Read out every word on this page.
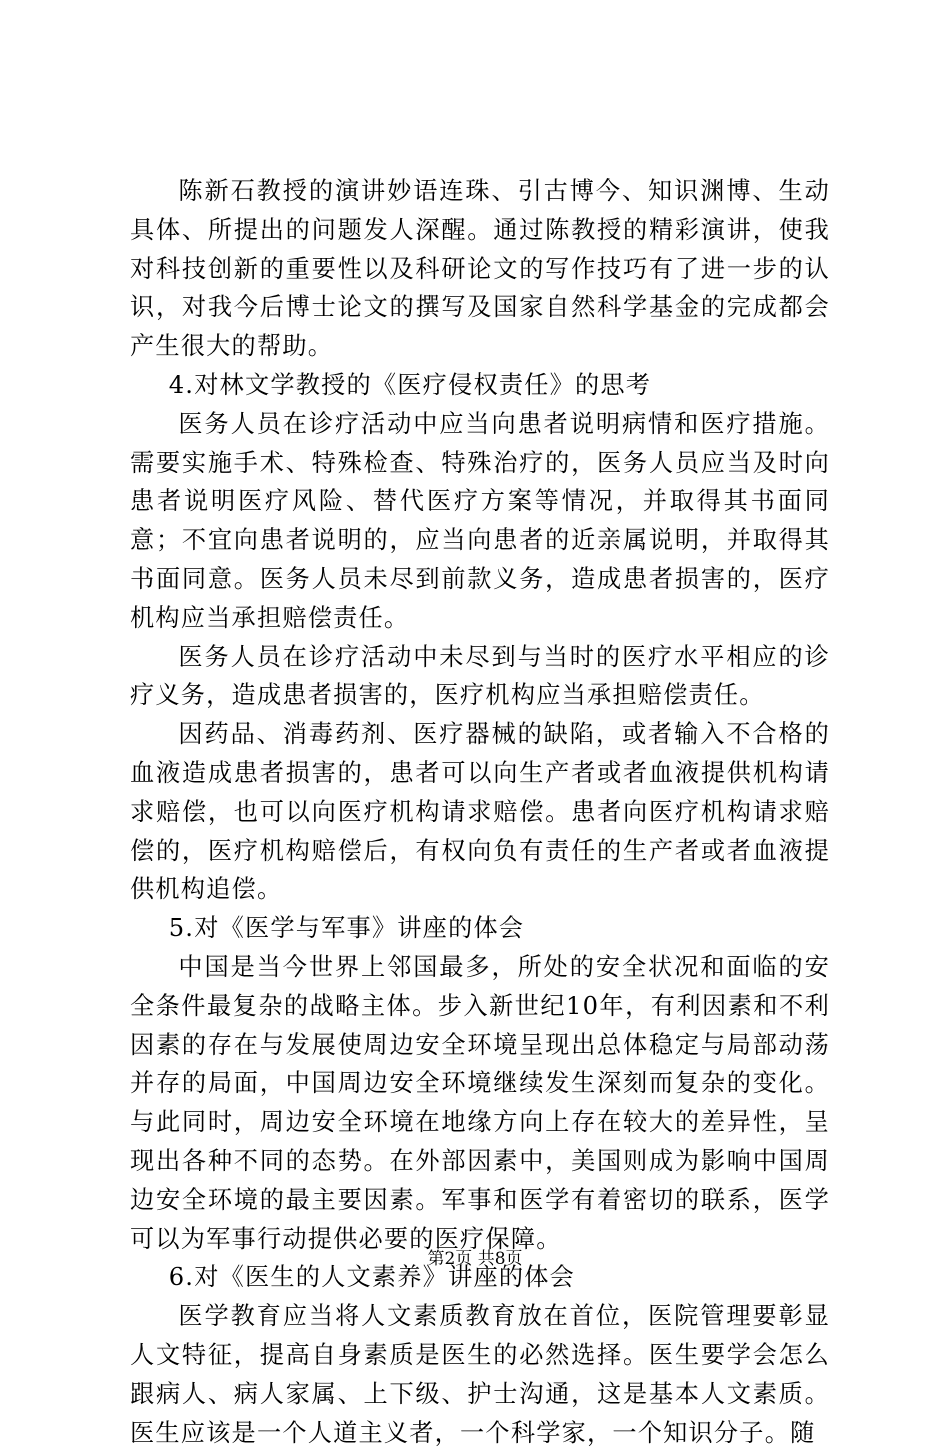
陈新石教授的演讲妙语连珠、引古博今、知识渊博、生动具体、所提出的问题发人深醒。通过陈教授的精彩演讲，使我对科技创新的重要性以及科研论文的写作技巧有了进一步的认识，对我今后博士论文的撰写及国家自然科学基金的完成都会产生很大的帮助。

4.对林文学教授的《医疗侵权责任》的思考

医务人员在诊疗活动中应当向患者说明病情和医疗措施。需要实施手术、特殊检查、特殊治疗的，医务人员应当及时向患者说明医疗风险、替代医疗方案等情况，并取得其书面同意；不宜向患者说明的，应当向患者的近亲属说明，并取得其书面同意。医务人员未尽到前款义务，造成患者损害的，医疗机构应当承担赔偿责任。

医务人员在诊疗活动中未尽到与当时的医疗水平相应的诊疗义务，造成患者损害的，医疗机构应当承担赔偿责任。

因药品、消毒药剂、医疗器械的缺陷，或者输入不合格的血液造成患者损害的，患者可以向生产者或者血液提供机构请求赔偿，也可以向医疗机构请求赔偿。患者向医疗机构请求赔偿的，医疗机构赔偿后，有权向负有责任的生产者或者血液提供机构追偿。

5.对《医学与军事》讲座的体会

中国是当今世界上邻国最多，所处的安全状况和面临的安全条件最复杂的战略主体。步入新世纪10年，有利因素和不利因素的存在与发展使周边安全环境呈现出总体稳定与局部动荡并存的局面，中国周边安全环境继续发生深刻而复杂的变化。与此同时，周边安全环境在地缘方向上存在较大的差异性，呈现出各种不同的态势。在外部因素中，美国则成为影响中国周边安全环境的最主要因素。军事和医学有着密切的联系，医学可以为军事行动提供必要的医疗保障。

6.对《医生的人文素养》讲座的体会

医学教育应当将人文素质教育放在首位，医院管理要彰显人文特征，提高自身素质是医生的必然选择。医生要学会怎么跟病人、病人家属、上下级、护士沟通，这是基本人文素质。医生应该是一个人道主义者，一个科学家，一个知识分子。随

第2页 共8页
